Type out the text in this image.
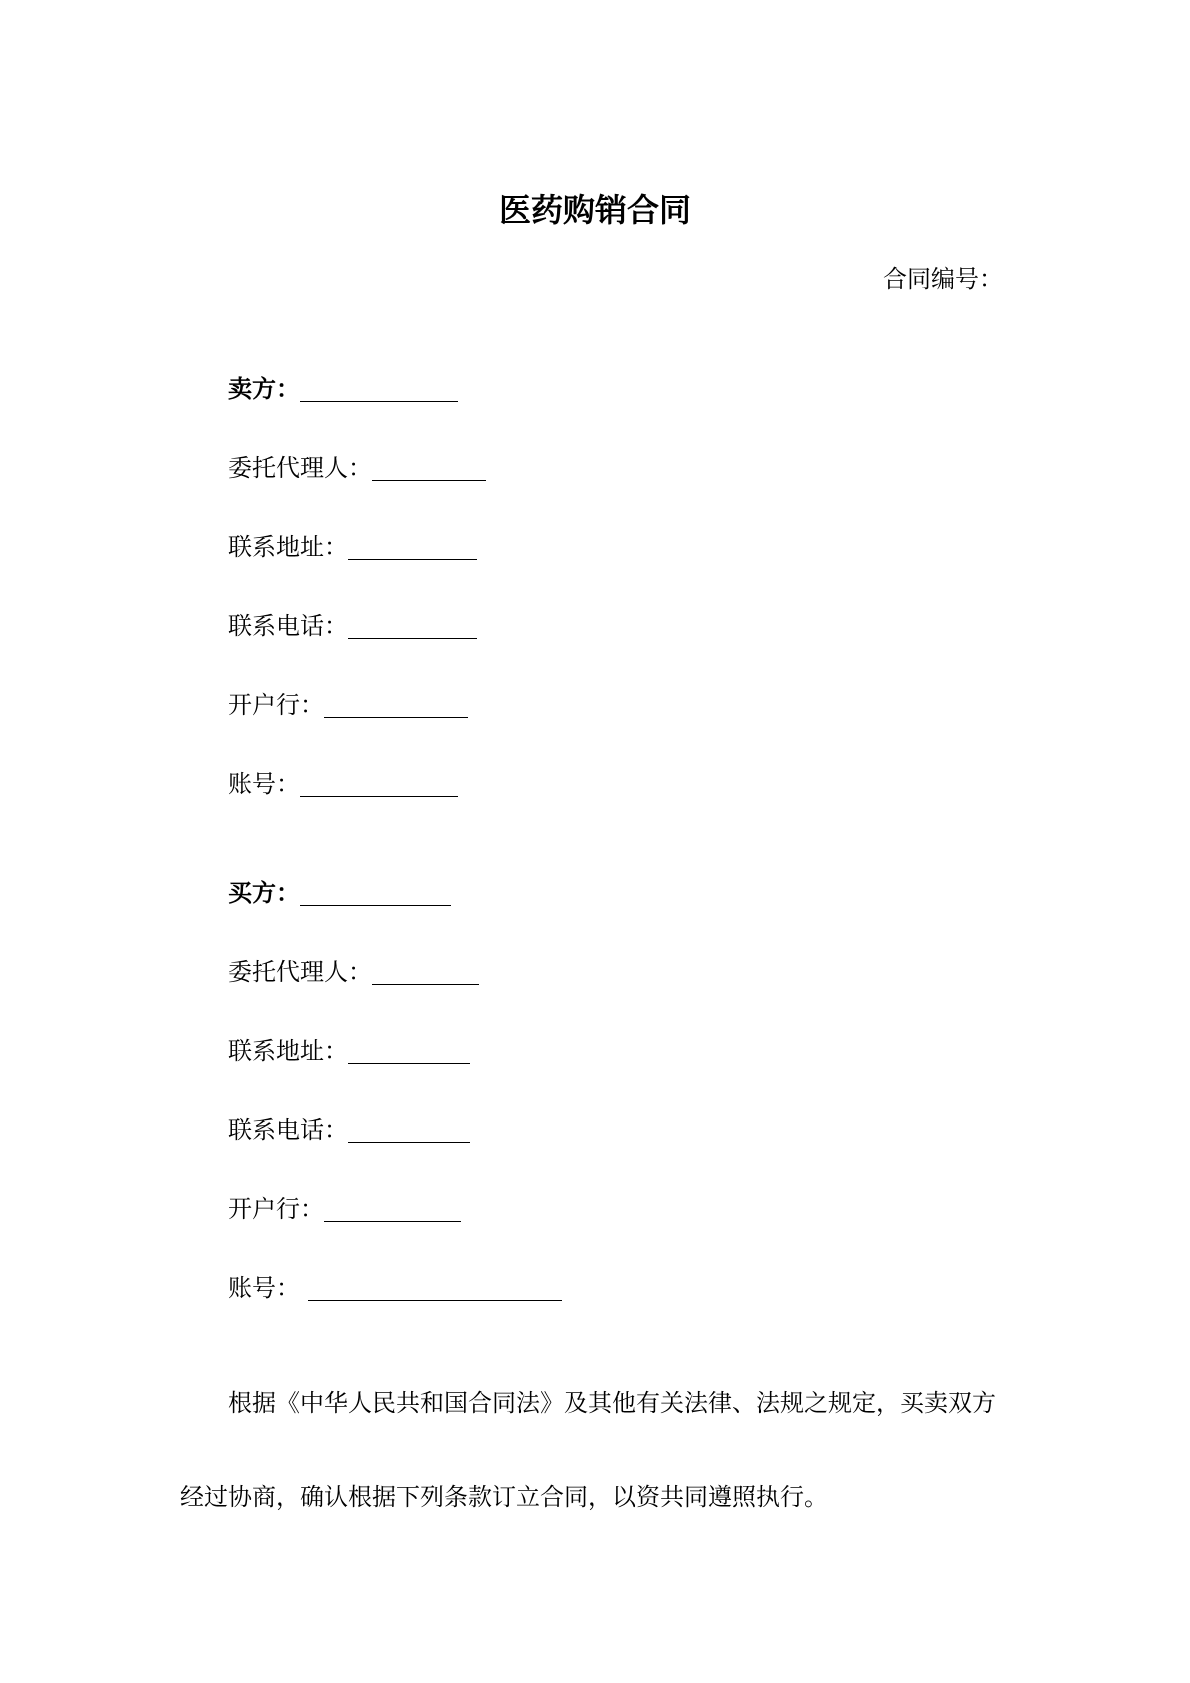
医药购销合同
合同编号：
卖方：
委托代理人：
联系地址：
联系电话：
开户行：
账号：
买方：
委托代理人：
联系地址：
联系电话：
开户行：
账号：
根据《中华人民共和国合同法》及其他有关法律、法规之规定，买卖双方
经过协商，确认根据下列条款订立合同，以资共同遵照执行。
